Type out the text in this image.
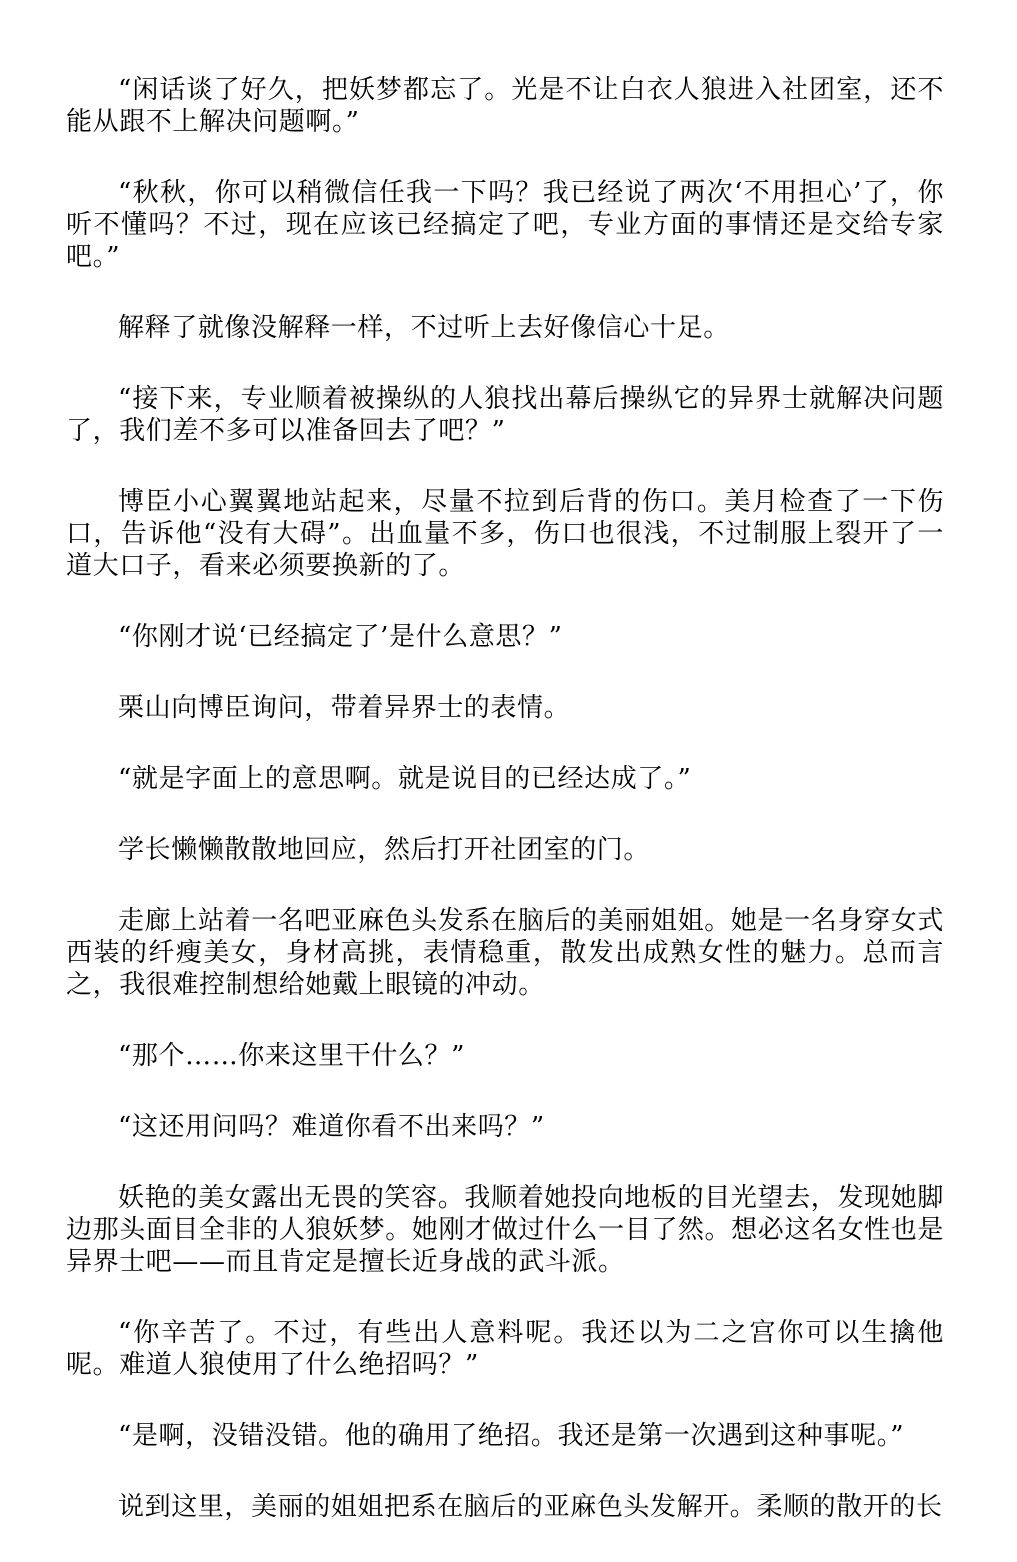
“闲话谈了好久，把妖梦都忘了。光是不让白衣人狼进入社团室，还不能从跟不上解决问题啊。”

“秋秋，你可以稍微信任我一下吗？我已经说了两次‘不用担心’了，你听不懂吗？不过，现在应该已经搞定了吧，专业方面的事情还是交给专家吧。”

解释了就像没解释一样，不过听上去好像信心十足。

“接下来，专业顺着被操纵的人狼找出幕后操纵它的异界士就解决问题了，我们差不多可以准备回去了吧？”

博臣小心翼翼地站起来，尽量不拉到后背的伤口。美月检查了一下伤口，告诉他“没有大碍”。出血量不多，伤口也很浅，不过制服上裂开了一道大口子，看来必须要换新的了。

“你刚才说‘已经搞定了’是什么意思？”

栗山向博臣询问，带着异界士的表情。

“就是字面上的意思啊。就是说目的已经达成了。”

学长懒懒散散地回应，然后打开社团室的门。

走廊上站着一名吧亚麻色头发系在脑后的美丽姐姐。她是一名身穿女式西装的纤瘦美女，身材高挑，表情稳重，散发出成熟女性的魅力。总而言之，我很难控制想给她戴上眼镜的冲动。

“那个……你来这里干什么？”

“这还用问吗？难道你看不出来吗？”

妖艳的美女露出无畏的笑容。我顺着她投向地板的目光望去，发现她脚边那头面目全非的人狼妖梦。她刚才做过什么一目了然。想必这名女性也是异界士吧——而且肯定是擅长近身战的武斗派。

“你辛苦了。不过，有些出人意料呢。我还以为二之宫你可以生擒他呢。难道人狼使用了什么绝招吗？”

“是啊，没错没错。他的确用了绝招。我还是第一次遇到这种事呢。”

说到这里，美丽的姐姐把系在脑后的亚麻色头发解开。柔顺的散开的长
